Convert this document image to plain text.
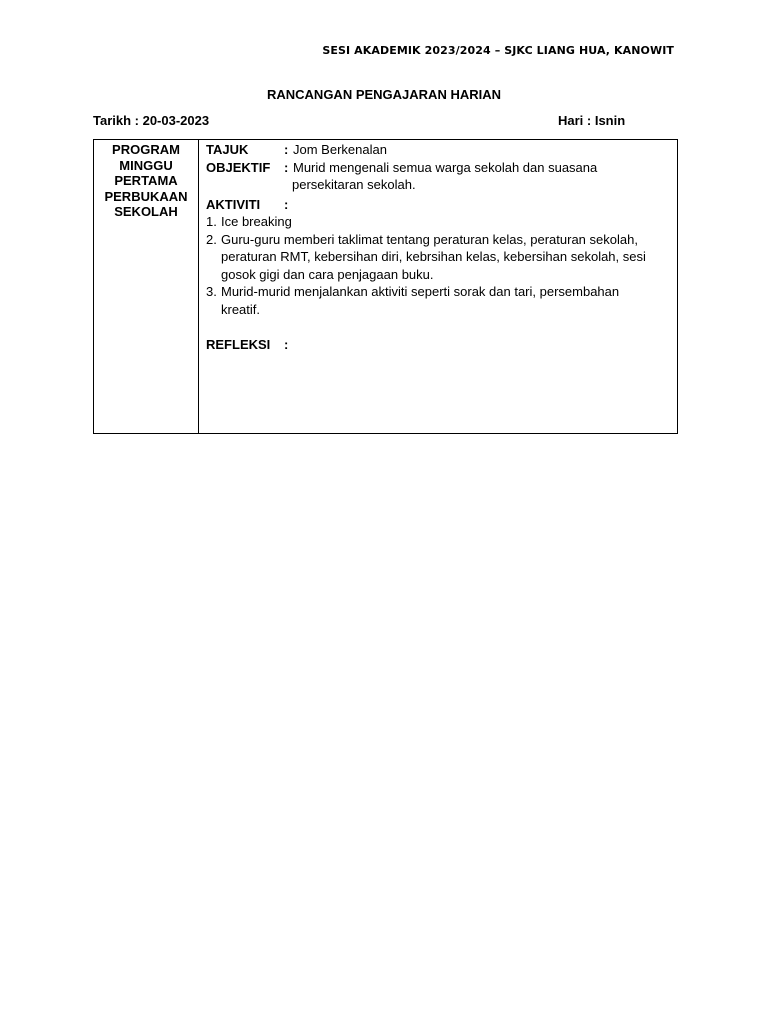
SESI AKADEMIK 2023/2024 – SJKC LIANG HUA, KANOWIT
RANCANGAN PENGAJARAN HARIAN
Tarikh : 20-03-2023	Hari : Isnin
PROGRAM
MINGGU
PERTAMA
PERBUKAAN
SEKOLAH
TAJUK	: Jom Berkenalan
OBJEKTIF	: Murid mengenali semua warga sekolah dan suasana
persekitaran sekolah.
AKTIVITI	:
1. Ice breaking
2. Guru-guru memberi taklimat tentang peraturan kelas, peraturan sekolah, peraturan RMT, kebersihan diri, kebrsihan kelas, kebersihan sekolah, sesi gosok gigi dan cara penjagaan buku.
3. Murid-murid menjalankan aktiviti seperti sorak dan tari, persembahan kreatif.
REFLEKSI	:
